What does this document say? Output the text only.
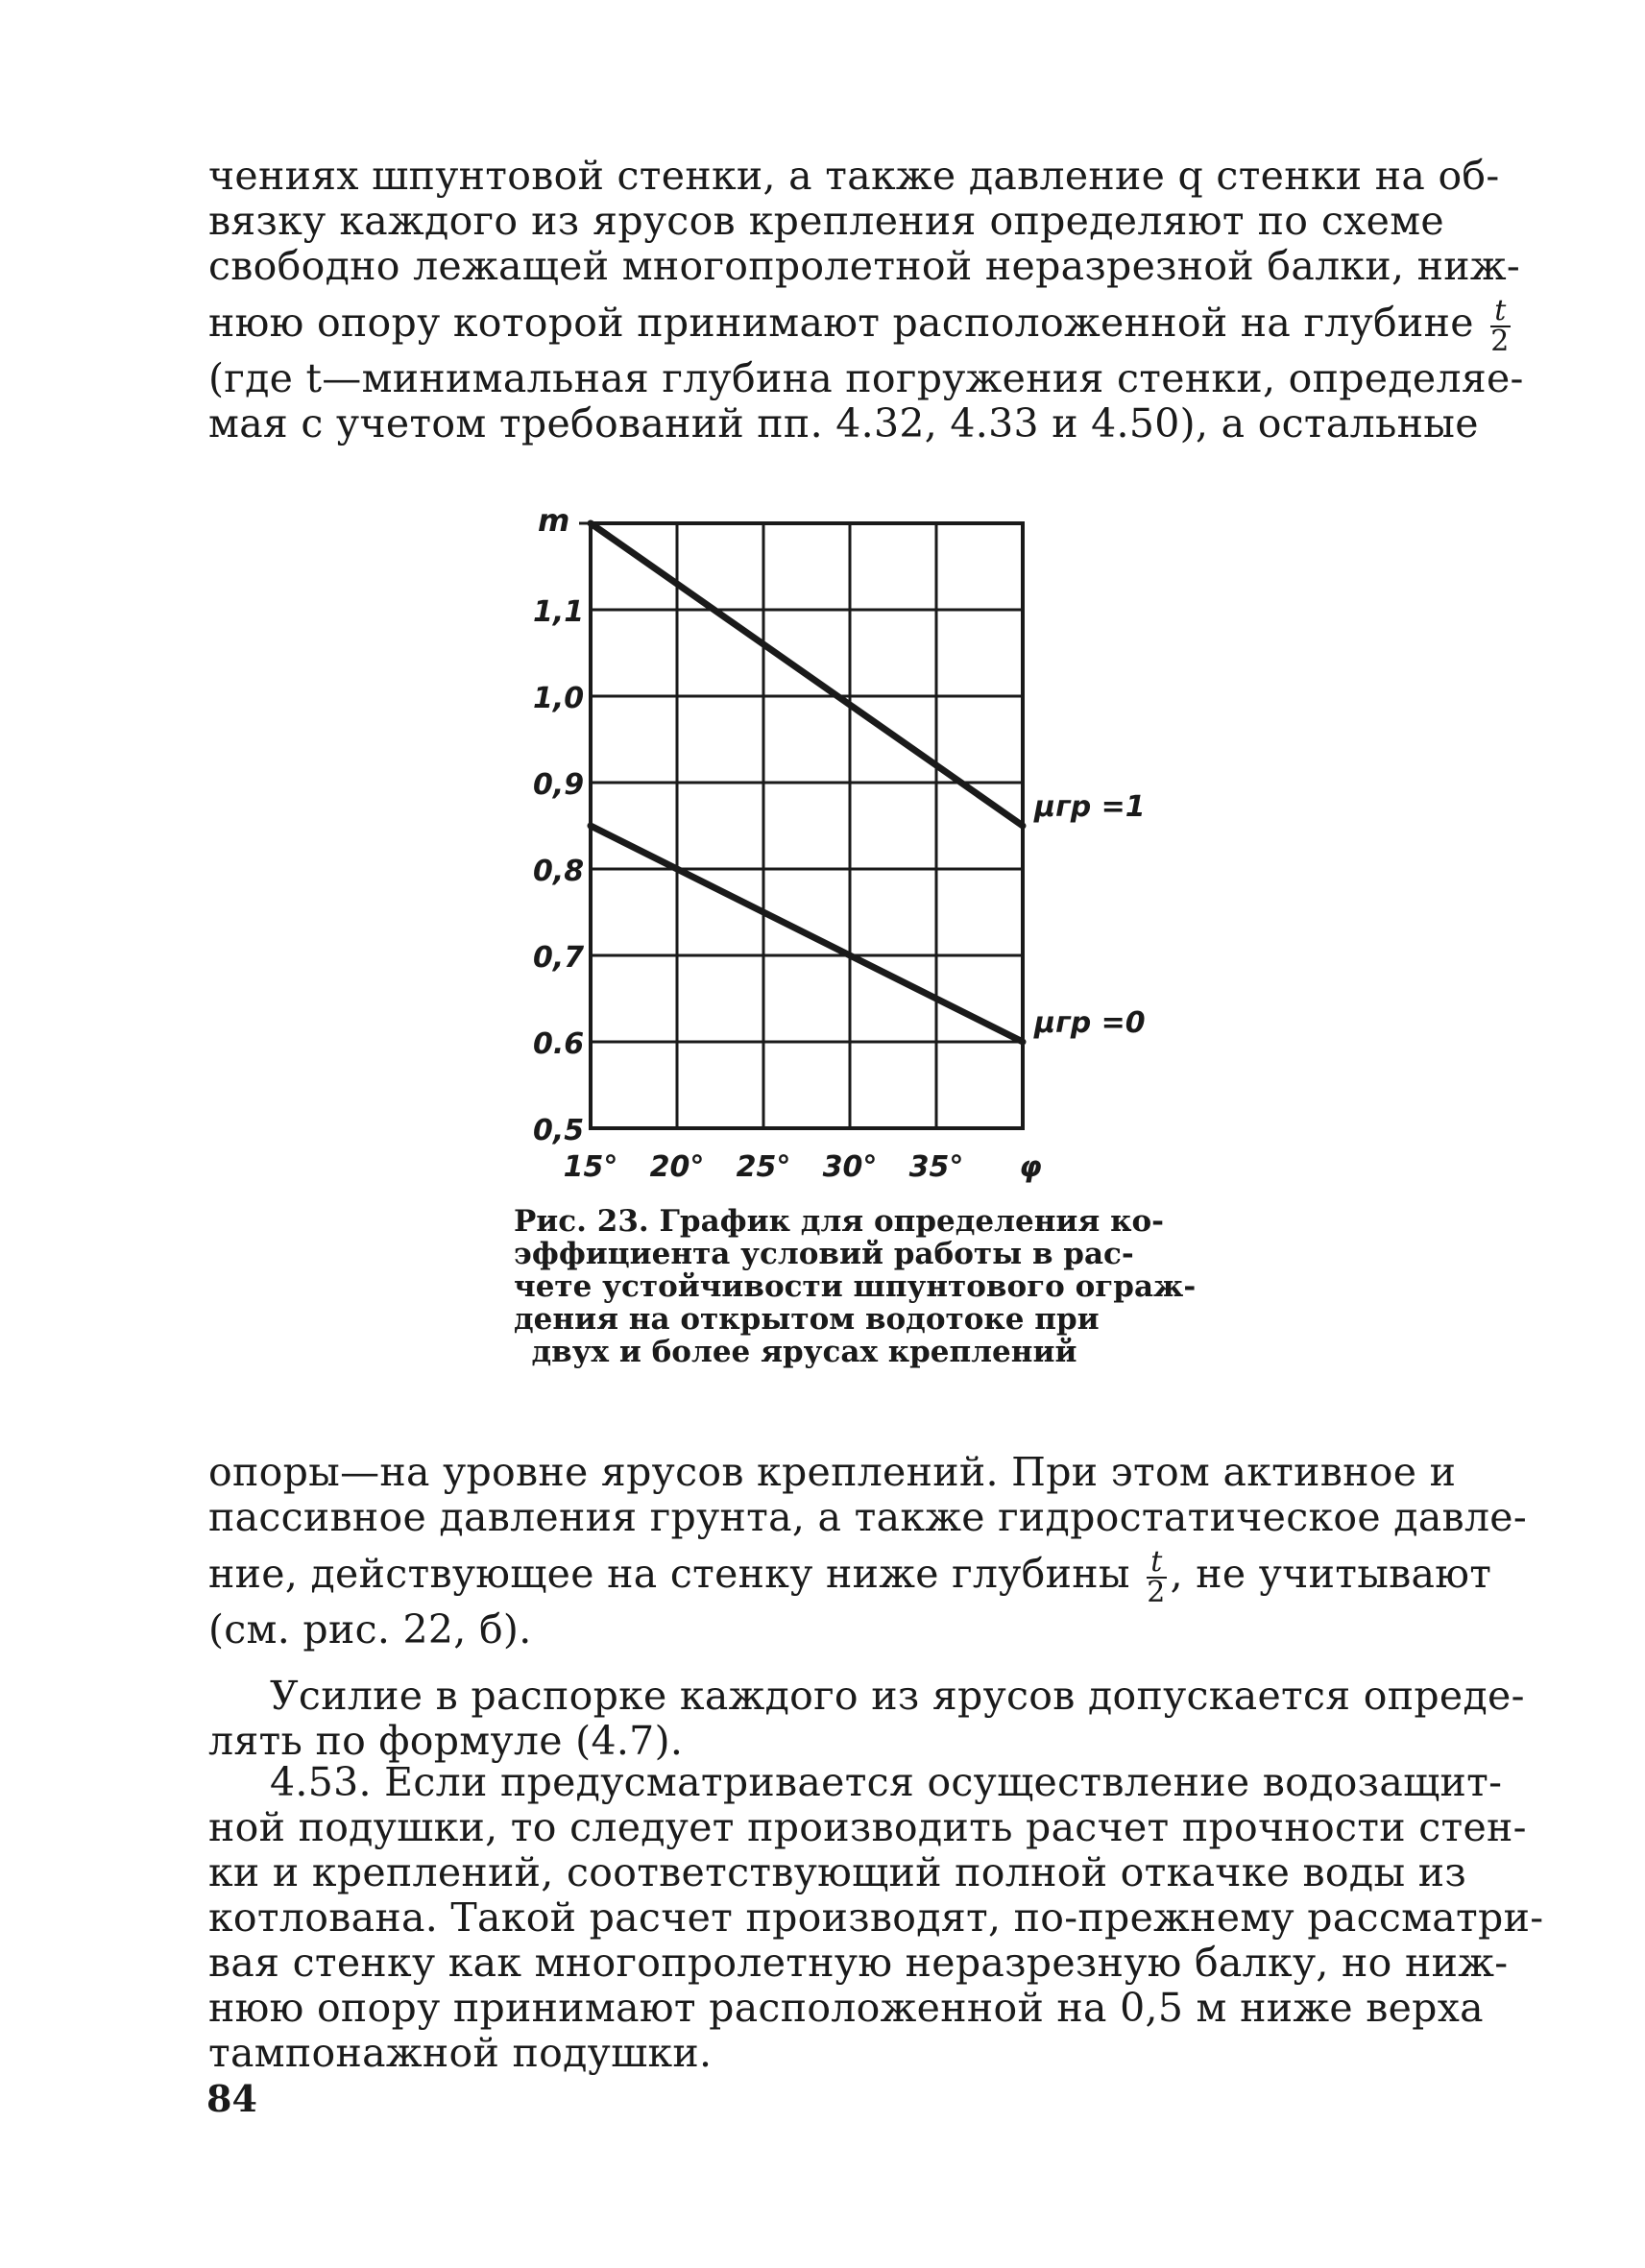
чениях шпунтовой стенки, а также давление q стенки на об-
вязку каждого из ярусов крепления определяют по схеме
свободно лежащей многопролетной неразрезной балки, ниж-
нюю опору которой принимают расположенной на глубине $\frac{t}{2}$
(где t—минимальная глубина погружения стенки, определяе-
мая с учетом требований пп. 4.32, 4.33 и 4.50), а остальные
0,5
0.6
0,7
0,8
0,9
1,0
1,1
m
15° 20° 25° 30° 35° φ
μгр =1
μгр =0
Рис. 23. График для определения ко-
эффициента условий работы в рас-
чете устойчивости шпунтового ограж-
дения на открытом водотоке при
двух и более ярусах креплений
опоры—на уровне ярусов креплений. При этом активное и
пассивное давления грунта, а также гидростатическое давле-
ние, действующее на стенку ниже глубины $\frac{t}{2}$ , не учитывают
(см. рис. 22, б).
Усилие в распорке каждого из ярусов допускается опреде-
лять по формуле (4.7).
4.53. Если предусматривается осуществление водозащит-
ной подушки, то следует производить расчет прочности стен-
ки и креплений, соответствующий полной откачке воды из
котлована. Такой расчет производят, по-прежнему рассматри-
вая стенку как многопролетную неразрезную балку, но ниж-
нюю опору принимают расположенной на 0,5 м ниже верха
тампонажной подушки.
84
